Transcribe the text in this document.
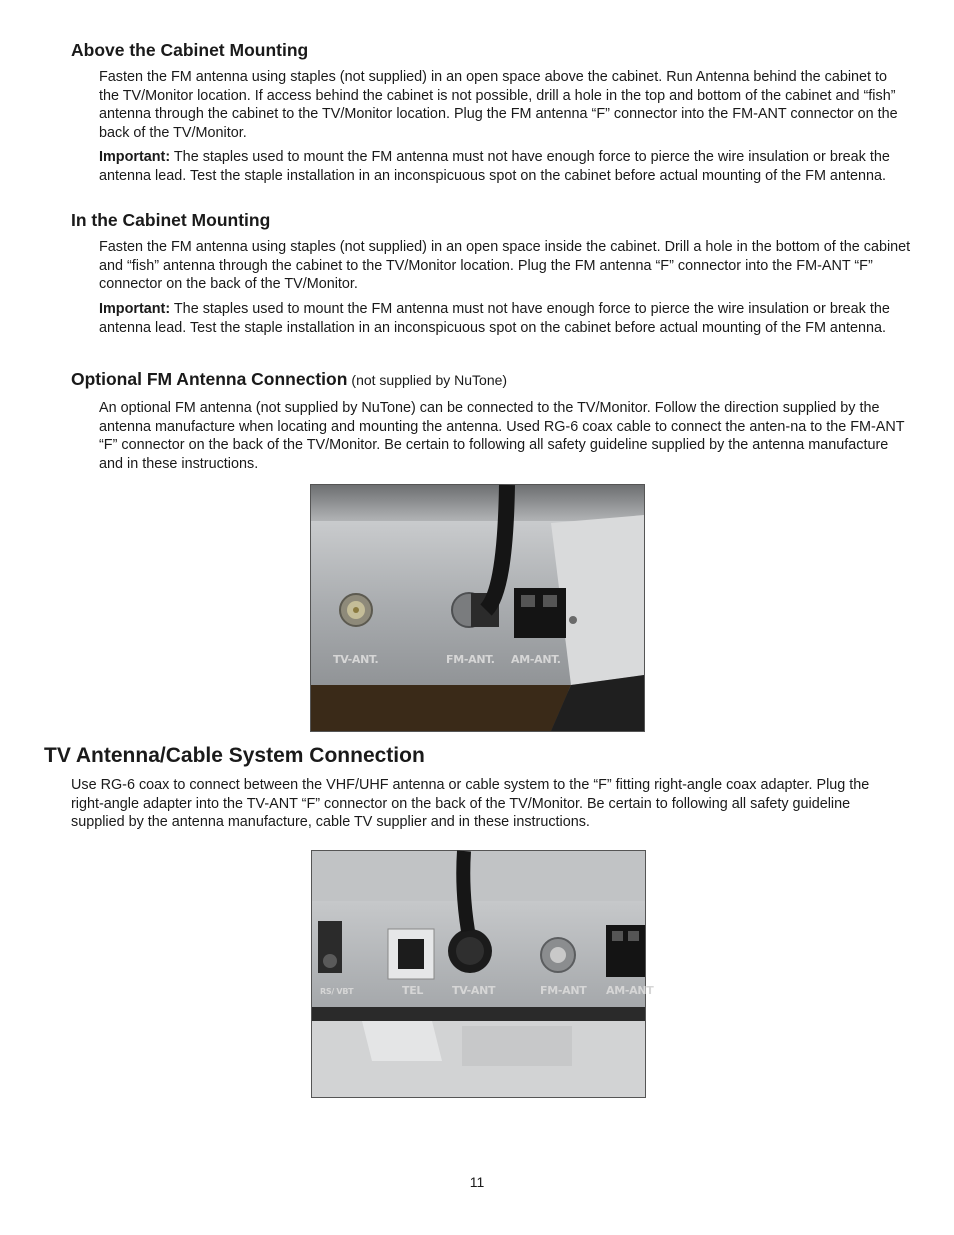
Above the Cabinet Mounting

Fasten the FM antenna using staples (not supplied) in an open space above the cabinet. Run Antenna behind the cabinet to the TV/Monitor location. If access behind the cabinet is not possible, drill a hole in the top and bottom of the cabinet and “fish” antenna through the cabinet to the TV/Monitor location. Plug the FM antenna “F” connector into the FM-ANT connector on the back of the TV/Monitor.

Important: The staples used to mount the FM antenna must not have enough force to pierce the wire insulation or break the antenna lead. Test the staple installation in an inconspicuous spot on the cabinet before actual mounting of the FM antenna.

In the Cabinet Mounting

Fasten the FM antenna using staples (not supplied) in an open space inside the cabinet. Drill a hole in the bottom of the cabinet and “fish” antenna through the cabinet to the TV/Monitor location. Plug the FM antenna “F” connector into the FM-ANT “F” connector on the back of the TV/Monitor.

Important: The staples used to mount the FM antenna must not have enough force to pierce the wire insulation or break the antenna lead. Test the staple installation in an inconspicuous spot on the cabinet before actual mounting of the FM antenna.

Optional FM Antenna Connection (not supplied by NuTone)

An optional FM antenna (not supplied by NuTone) can be connected to the TV/Monitor. Follow the direction supplied by the antenna manufacture when locating and mounting the antenna. Used RG-6 coax cable to connect the anten-na to the FM-ANT “F” connector on the back of the TV/Monitor. Be certain to following all safety guideline supplied by the antenna manufacture and in these instructions.

TV-ANT.	FM-ANT. AM-ANT.
TV Antenna/Cable System Connection

Use RG-6 coax to connect between the VHF/UHF antenna or cable system to the “F” fitting right-angle coax adapter. Plug the right-angle adapter into the TV-ANT “F” connector on the back of the TV/Monitor. Be certain to following all safety guideline supplied by the antenna manufacture, cable TV supplier and in these instructions.

RS/ VBT	TEL	TV-ANT	FM-ANT AM-ANT

11
